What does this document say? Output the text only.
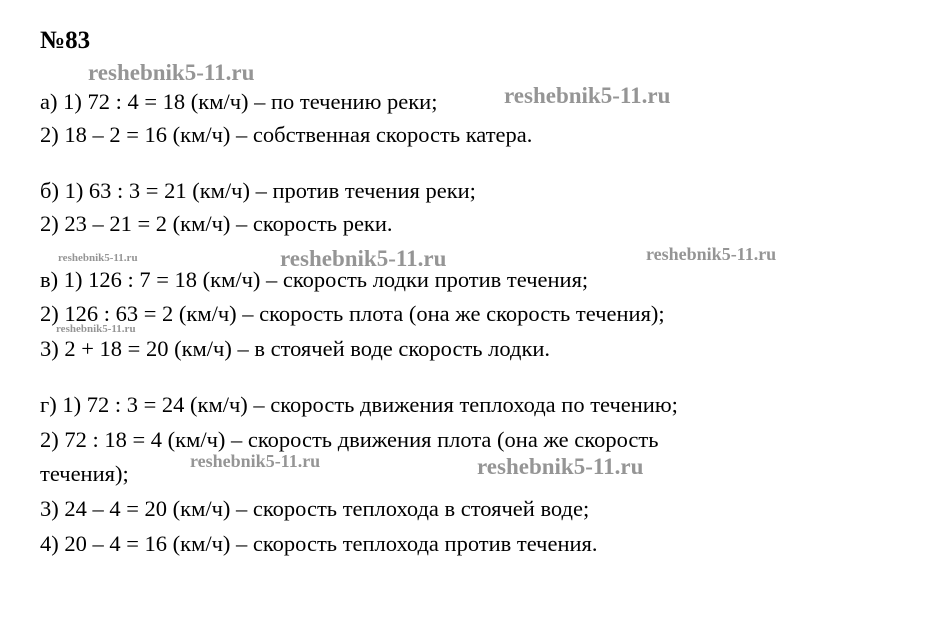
№83
а) 1) 72 : 4 = 18 (км/ч) – по течению реки;
2) 18 – 2 = 16 (км/ч) – собственная скорость катера.
б) 1) 63 : 3 = 21 (км/ч) – против течения реки;
2) 23 – 21 = 2 (км/ч) – скорость реки.
в) 1) 126 : 7 = 18 (км/ч) – скорость лодки против течения;
2) 126 : 63 = 2 (км/ч) – скорость плота (она же скорость течения);
3) 2 + 18 = 20 (км/ч) – в стоячей воде скорость лодки.
г) 1) 72 : 3 = 24 (км/ч) – скорость движения теплохода по течению;
2) 72 : 18 = 4 (км/ч) – скорость движения плота (она же скорость
течения);
3) 24 – 4 = 20 (км/ч) – скорость теплохода в стоячей воде;
4) 20 – 4 = 16 (км/ч) – скорость теплохода против течения.
reshebnik5-11.ru
reshebnik5-11.ru
reshebnik5-11.ru	reshebnik5-11.ru	reshebnik5-11.ru
reshebnik5-11.ru
reshebnik5-11.ru	reshebnik5-11.ru
